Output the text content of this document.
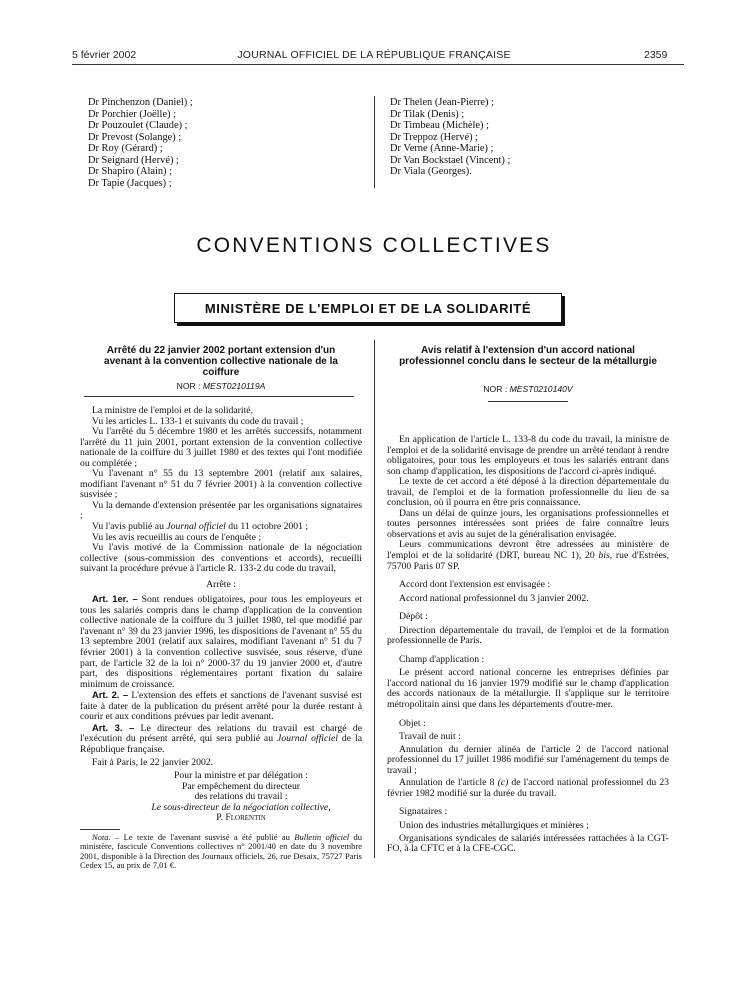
5 février 2002	JOURNAL OFFICIEL DE LA RÉPUBLIQUE FRANÇAISE	2359
Dr Pinchenzon (Daniel) ;
Dr Porchier (Joëlle) ;
Dr Pouzoulet (Claude) ;
Dr Prevost (Solange) ;
Dr Roy (Gérard) ;
Dr Seignard (Hervé) ;
Dr Shapiro (Alain) ;
Dr Tapie (Jacques) ;
Dr Thelen (Jean-Pierre) ;
Dr Tilak (Denis) ;
Dr Timbeau (Michèle) ;
Dr Treppoz (Hervé) ;
Dr Verne (Anne-Marie) ;
Dr Van Bockstael (Vincent) ;
Dr Viala (Georges).
CONVENTIONS COLLECTIVES
MINISTÈRE DE L'EMPLOI ET DE LA SOLIDARITÉ
Arrêté du 22 janvier 2002 portant extension d'un
avenant à la convention collective nationale de la
coiffure
NOR : MEST0210119A

La ministre de l'emploi et de la solidarité,

Vu les articles L. 133-1 et suivants du code du travail ;

Vu l'arrêté du 5 décembre 1980 et les arrêtés successifs, notamment l'arrêté du 11 juin 2001, portant extension de la convention collective nationale de la coiffure du 3 juillet 1980 et des textes qui l'ont modifiée ou complétée ;

Vu l'avenant n° 55 du 13 septembre 2001 (relatif aux salaires, modifiant l'avenant n° 51 du 7 février 2001) à la convention collective susvisée ;

Vu la demande d'extension présentée par les organisations signataires ;

Vu l'avis publié au Journal officiel du 11 octobre 2001 ;

Vu les avis recueillis au cours de l'enquête ;

Vu l'avis motivé de la Commission nationale de la négociation collective (sous-commission des conventions et accords), recueilli suivant la procédure prévue à l'article R. 133-2 du code du travail,

Arrête :

Art. 1er. – Sont rendues obligatoires, pour tous les employeurs et tous les salariés compris dans le champ d'application de la convention collective nationale de la coiffure du 3 juillet 1980, tel que modifié par l'avenant n° 39 du 23 janvier 1996, les dispositions de l'avenant n° 55 du 13 septembre 2001 (relatif aux salaires, modifiant l'avenant n° 51 du 7 février 2001) à la convention collective susvisée, sous réserve, d'une part, de l'article 32 de la loi n° 2000-37 du 19 janvier 2000 et, d'autre part, des dispositions réglementaires portant fixation du salaire minimum de croissance.

Art. 2. – L'extension des effets et sanctions de l'avenant susvisé est faite à dater de la publication du présent arrêté pour la durée restant à courir et aux conditions prévues par ledit avenant.

Art. 3. – Le directeur des relations du travail est chargé de l'exécution du présent arrêté, qui sera publié au Journal officiel de la République française.

Fait à Paris, le 22 janvier 2002.

Pour la ministre et par délégation :
Par empêchement du directeur
des relations du travail :
Le sous-directeur de la négociation collective,
P. Florentin

Nota. – Le texte de l'avenant susvisé a été publié au Bulletin officiel du ministère, fascicule Conventions collectives n° 2001/40 en date du 3 novembre 2001, disponible à la Direction des Journaux officiels, 26, rue Desaix, 75727 Paris Cedex 15, au prix de 7,01 €.

Avis relatif à l'extension d'un accord national
professionnel conclu dans le secteur de la métallurgie
NOR : MEST0210140V

En application de l'article L. 133-8 du code du travail, la ministre de l'emploi et de la solidarité envisage de prendre un arrêté tendant à rendre obligatoires, pour tous les employeurs et tous les salariés entrant dans son champ d'application, les dispositions de l'accord ci-après indiqué.

Le texte de cet accord a été déposé à la direction départementale du travail, de l'emploi et de la formation professionnelle du lieu de sa conclusion, où il pourra en être pris connaissance.

Dans un délai de quinze jours, les organisations professionnelles et toutes personnes intéressées sont priées de faire connaître leurs observations et avis au sujet de la généralisation envisagée.

Leurs communications devront être adressées au ministère de l'emploi et de la solidarité (DRT, bureau NC 1), 20 bis, rue d'Estrées, 75700 Paris 07 SP.

Accord dont l'extension est envisagée :

Accord national professionnel du 3 janvier 2002.

Dépôt :

Direction départementale du travail, de l'emploi et de la formation professionnelle de Paris.

Champ d'application :

Le présent accord national concerne les entreprises définies par l'accord national du 16 janvier 1979 modifié sur le champ d'application des accords nationaux de la métallurgie. Il s'applique sur le territoire métropolitain ainsi que dans les départements d'outre-mer.

Objet :

Travail de nuit :

Annulation du dernier alinéa de l'article 2 de l'accord national professionnel du 17 juillet 1986 modifié sur l'aménagement du temps de travail ;

Annulation de l'article 8 (c) de l'accord national professionnel du 23 février 1982 modifié sur la durée du travail.

Signataires :

Union des industries métallurgiques et minières ;

Organisations syndicales de salariés intéressées rattachées à la CGT-FO, à la CFTC et à la CFE-CGC.
